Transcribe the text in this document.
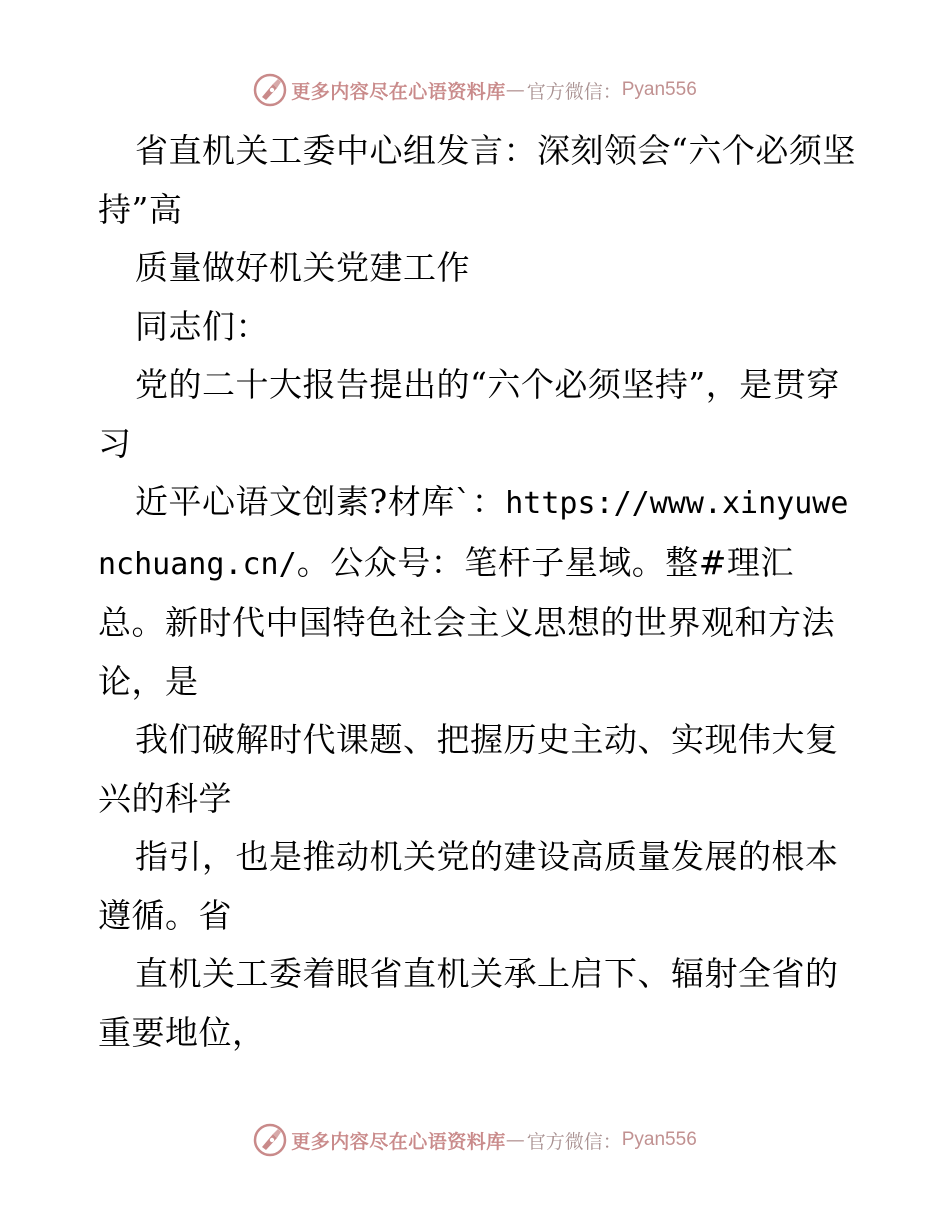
更多内容尽在心语资料库 — 官方微信： Pyan556

省直机关工委中心组发言：深刻领会“六个必须坚持”高

质量做好机关党建工作

同志们：

党的二十大报告提出的“六个必须坚持”，是贯穿习

近平心语文创素?材库`：https://www.xinyuwenchuang.cn/。公众号：笔杆子星域。整#理汇总。新时代中国特色社会主义思想的世界观和方法论，是

我们破解时代课题、把握历史主动、实现伟大复兴的科学

指引，也是推动机关党的建设高质量发展的根本遵循。省

直机关工委着眼省直机关承上启下、辐射全省的重要地位，

更多内容尽在心语资料库 — 官方微信： Pyan556
